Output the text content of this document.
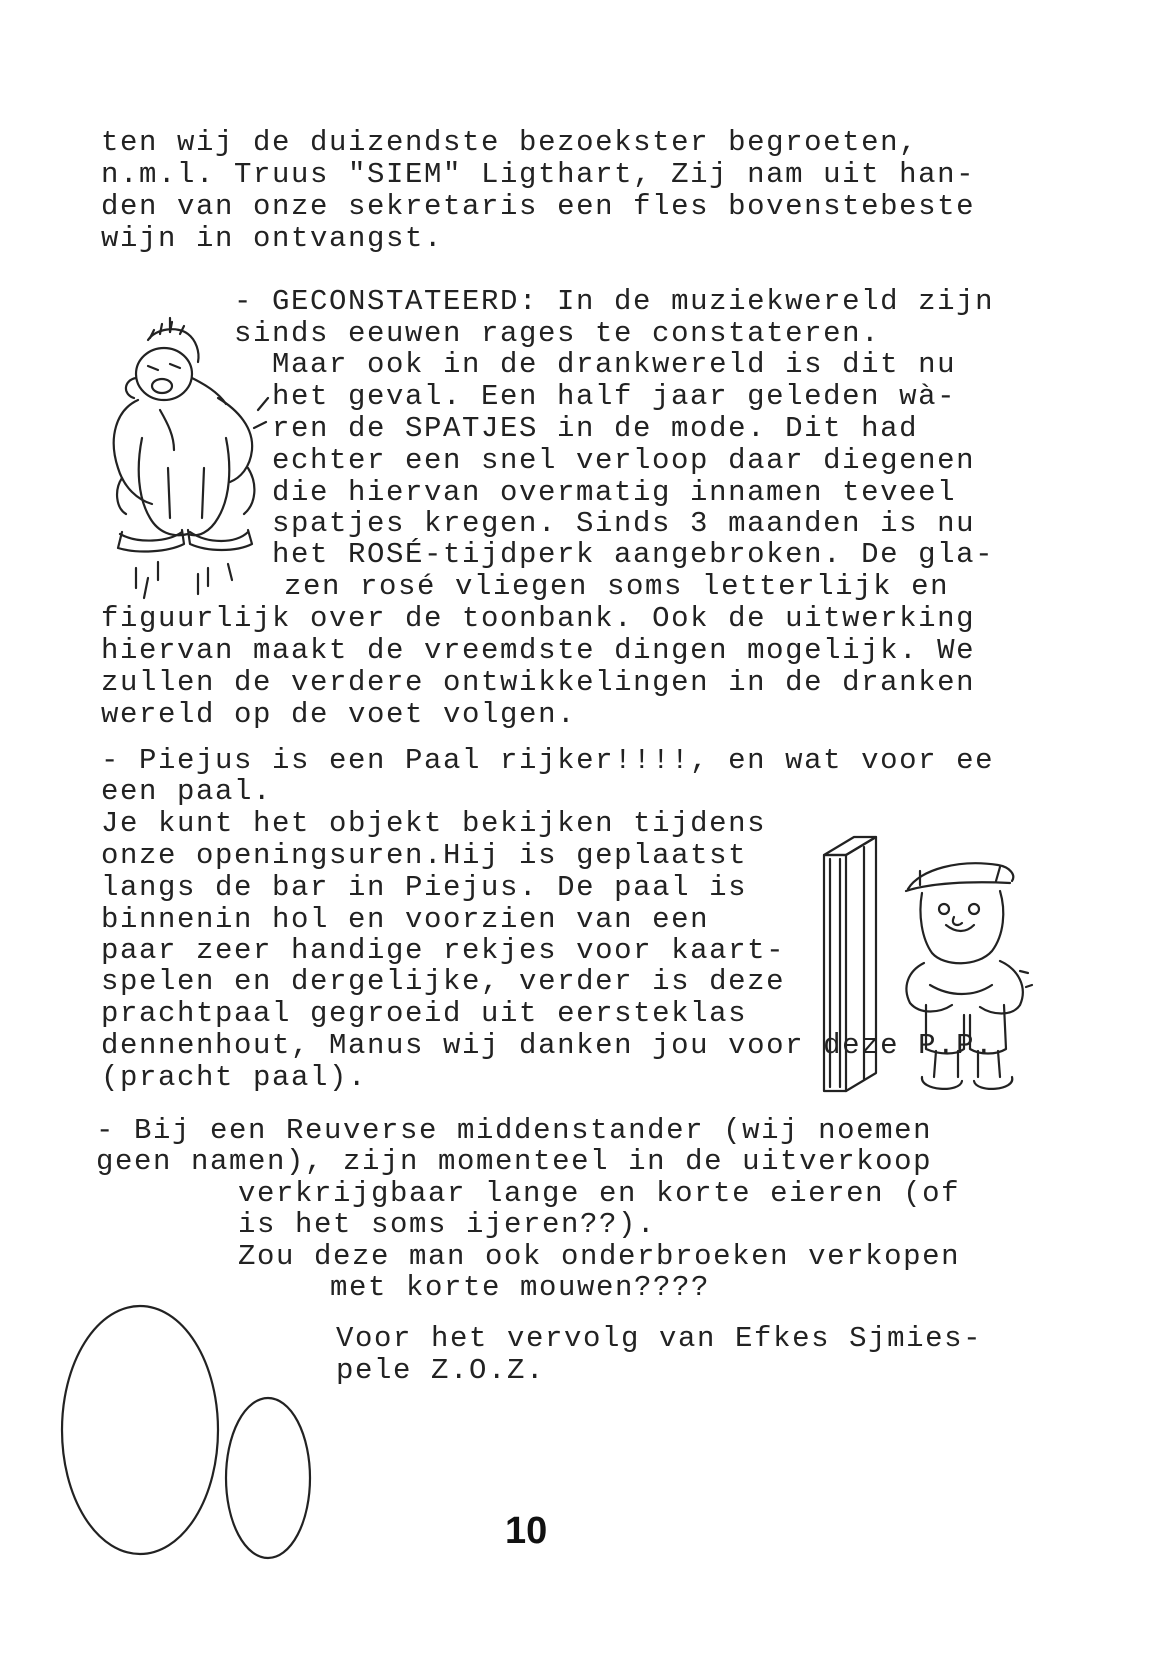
ten wij de duizendste bezoekster begroeten,
n.m.l. Truus "SIEM" Ligthart, Zij nam uit han-
den van onze sekretaris een fles bovenstebeste
wijn in ontvangst.
- GECONSTATEERD: In de muziekwereld zijn
sinds eeuwen rages te constateren.
Maar ook in de drankwereld is dit nu
het geval. Een half jaar geleden wà-
ren de SPATJES in de mode. Dit had
echter een snel verloop daar diegenen
die hiervan overmatig innamen teveel
spatjes kregen. Sinds 3 maanden is nu
het ROSÉ-tijdperk aangebroken. De gla-
zen rosé vliegen soms letterlijk en
figuurlijk over de toonbank. Ook de uitwerking
hiervan maakt de vreemdste dingen mogelijk. We
zullen de verdere ontwikkelingen in de dranken
wereld op de voet volgen.
- Piejus is een Paal rijker!!!!, en wat voor ee
een paal.
Je kunt het objekt bekijken tijdens
onze openingsuren.Hij is geplaatst
langs de bar in Piejus. De paal is
binnenin hol en voorzien van een
paar zeer handige rekjes voor kaart-
spelen en dergelijke, verder is deze
prachtpaal gegroeid uit eersteklas
dennenhout, Manus wij danken jou voor deze P.P.
(pracht paal).
- Bij een Reuverse middenstander (wij noemen
geen namen), zijn momenteel in de uitverkoop
verkrijgbaar lange en korte eieren (of
is het soms ijeren??).
Zou deze man ook onderbroeken verkopen
met korte mouwen????
Voor het vervolg van Efkes Sjmies-
pele Z.O.Z.
10
